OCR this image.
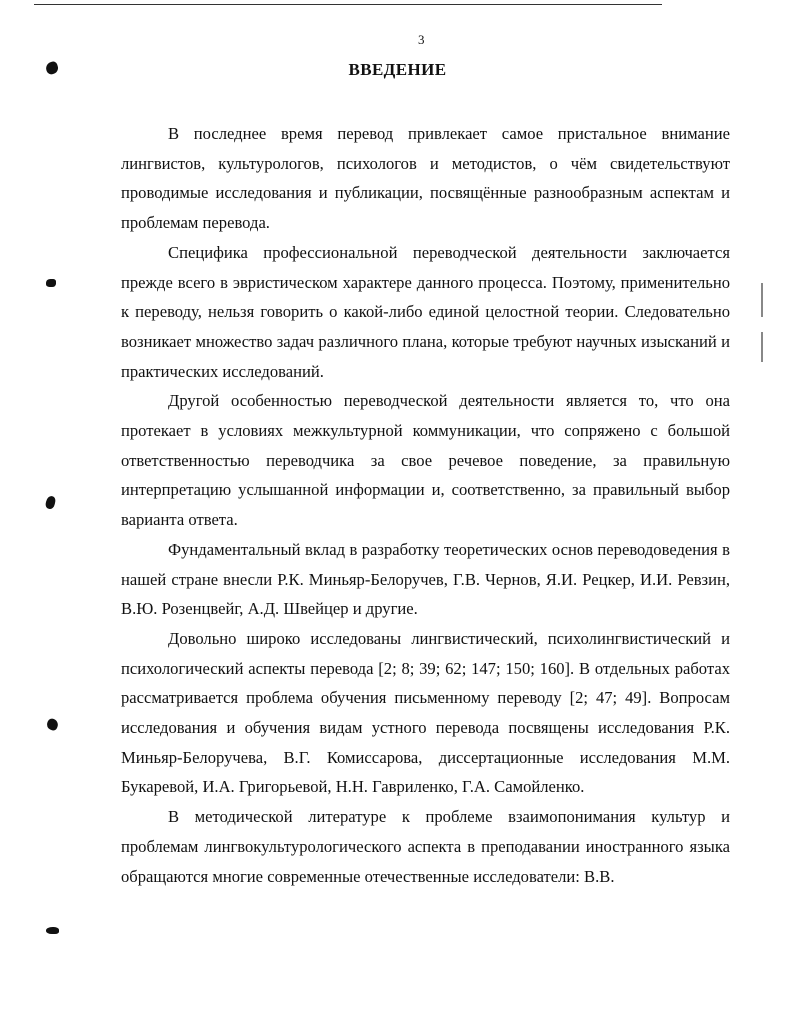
3
ВВЕДЕНИЕ

В последнее время перевод привлекает самое пристальное внимание лингвистов, культурологов, психологов и методистов, о чём свидетельствуют проводимые исследования и публикации, посвящённые разнообразным аспектам и проблемам перевода.

Специфика профессиональной переводческой деятельности заключается прежде всего в эвристическом характере данного процесса. Поэтому, применительно к переводу, нельзя говорить о какой-либо единой целостной теории. Следовательно возникает множество задач различного плана, которые требуют научных изысканий и практических исследований.

Другой особенностью переводческой деятельности является то, что она протекает в условиях межкультурной коммуникации, что сопряжено с большой ответственностью переводчика за свое речевое поведение, за правильную интерпретацию услышанной информации и, соответственно, за правильный выбор варианта ответа.

Фундаментальный вклад в разработку теоретических основ переводоведения в нашей стране внесли Р.К. Миньяр-Белоручев, Г.В. Чернов, Я.И. Рецкер, И.И. Ревзин, В.Ю. Розенцвейг, А.Д. Швейцер и другие.

Довольно широко исследованы лингвистический, психолингвистический и психологический аспекты перевода [2; 8; 39; 62; 147; 150; 160]. В отдельных работах рассматривается проблема обучения письменному переводу [2; 47; 49]. Вопросам исследования и обучения видам устного перевода посвящены исследования Р.К. Миньяр-Белоручева, В.Г. Комиссарова, диссертационные исследования М.М. Букаревой, И.А. Григорьевой, Н.Н. Гавриленко, Г.А. Самойленко.

В методической литературе к проблеме взаимопонимания культур и проблемам лингвокультурологического аспекта в преподавании иностранного языка обращаются многие современные отечественные исследователи: В.В.
